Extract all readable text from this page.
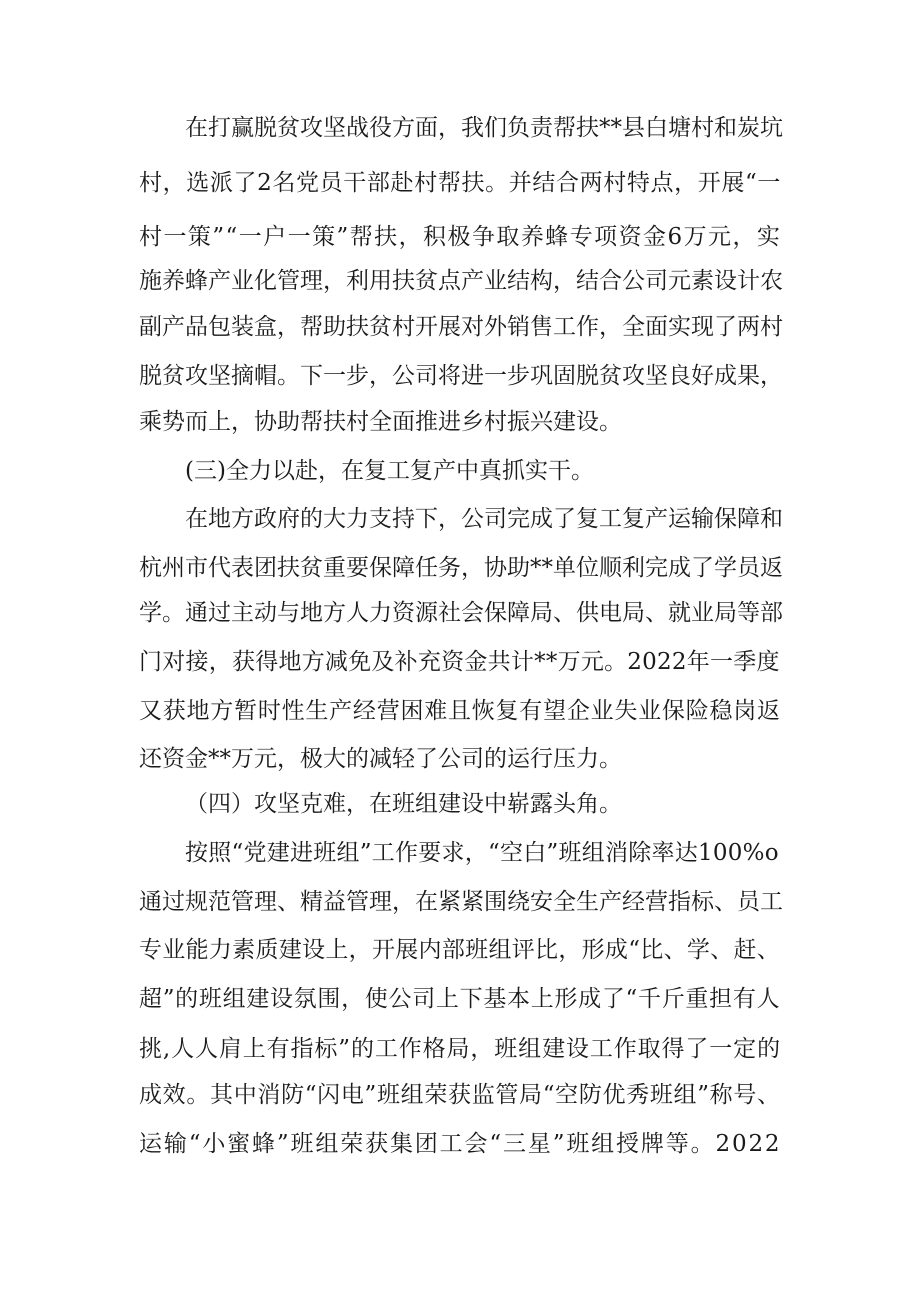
在打赢脱贫攻坚战役方面，我们负责帮扶**县白塘村和炭坑
村，选派了2名党员干部赴村帮扶。并结合两村特点，开展“一
村一策”“一户一策”帮扶，积极争取养蜂专项资金6万元，实
施养蜂产业化管理，利用扶贫点产业结构，结合公司元素设计农
副产品包装盒，帮助扶贫村开展对外销售工作，全面实现了两村
脱贫攻坚摘帽。下一步，公司将进一步巩固脱贫攻坚良好成果，
乘势而上，协助帮扶村全面推进乡村振兴建设。
(三)全力以赴，在复工复产中真抓实干。
在地方政府的大力支持下，公司完成了复工复产运输保障和
杭州市代表团扶贫重要保障任务，协助**单位顺利完成了学员返
学。通过主动与地方人力资源社会保障局、供电局、就业局等部
门对接，获得地方减免及补充资金共计**万元。2022年一季度
又获地方暂时性生产经营困难且恢复有望企业失业保险稳岗返
还资金**万元，极大的减轻了公司的运行压力。
（四）攻坚克难，在班组建设中崭露头角。
按照“党建进班组”工作要求，“空白”班组消除率达100%o
通过规范管理、精益管理，在紧紧围绕安全生产经营指标、员工
专业能力素质建设上，开展内部班组评比，形成“比、学、赶、
超”的班组建设氛围，使公司上下基本上形成了“千斤重担有人
挑,人人肩上有指标”的工作格局，班组建设工作取得了一定的
成效。其中消防“闪电”班组荣获监管局“空防优秀班组”称号、
运输“小蜜蜂”班组荣获集团工会“三星”班组授牌等。2022
